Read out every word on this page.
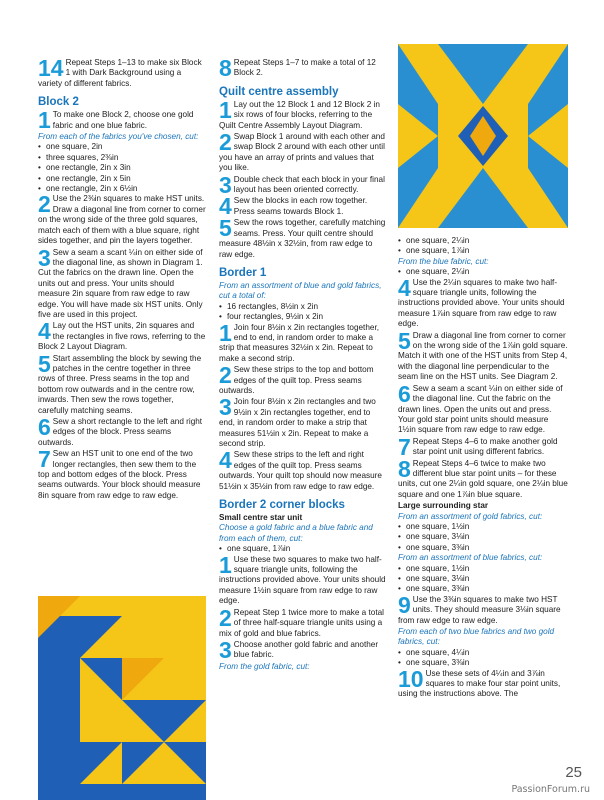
14 Repeat Steps 1–13 to make six Block 1 with Dark Background using a variety of different fabrics.
Block 2
1 To make one Block 2, choose one gold fabric and one blue fabric.
From each of the fabrics you've chosen, cut:
• one square, 2in
• three squares, 2⅜in
• one rectangle, 2in x 3in
• one rectangle, 2in x 5in
• one rectangle, 2in x 6½in
2 Use the 2⅜in squares to make HST units. Draw a diagonal line from corner to corner on the wrong side of the three gold squares, match each of them with a blue square, right sides together, and pin the layers together.
3 Sew a seam a scant ¼in on either side of the diagonal line, as shown in Diagram 1. Cut the fabrics on the drawn line. Open the units out and press. Your units should measure 2in square from raw edge to raw edge. You will have made six HST units. Only five are used in this project.
4 Lay out the HST units, 2in squares and the rectangles in five rows, referring to the Block 2 Layout Diagram.
5 Start assembling the block by sewing the patches in the centre together in three rows of three. Press seams in the top and bottom row outwards and in the centre row, inwards. Then sew the rows together, carefully matching seams.
6 Sew a short rectangle to the left and right edges of the block. Press seams outwards.
7 Sew an HST unit to one end of the two longer rectangles, then sew them to the top and bottom edges of the block. Press seams outwards. Your block should measure 8in square from raw edge to raw edge.
8 Repeat Steps 1–7 to make a total of 12 Block 2.
Quilt centre assembly
1 Lay out the 12 Block 1 and 12 Block 2 in six rows of four blocks, referring to the Quilt Centre Assembly Layout Diagram.
2 Swap Block 1 around with each other and swap Block 2 around with each other until you have an array of prints and values that you like.
3 Double check that each block in your final layout has been oriented correctly.
4 Sew the blocks in each row together. Press seams towards Block 1.
5 Sew the rows together, carefully matching seams. Press. Your quilt centre should measure 48½in x 32½in, from raw edge to raw edge.
Border 1
From an assortment of blue and gold fabrics, cut a total of:
• 16 rectangles, 8½in x 2in
• four rectangles, 9½in x 2in
1 Join four 8½in x 2in rectangles together, end to end, in random order to make a strip that measures 32½in x 2in. Repeat to make a second strip.
2 Sew these strips to the top and bottom edges of the quilt top. Press seams outwards.
3 Join four 8½in x 2in rectangles and two 9½in x 2in rectangles together, end to end, in random order to make a strip that measures 51½in x 2in. Repeat to make a second strip.
4 Sew these strips to the left and right edges of the quilt top. Press seams outwards. Your quilt top should now measure 51½in x 35½in from raw edge to raw edge.
Border 2 corner blocks
Small centre star unit
Choose a gold fabric and a blue fabric and from each of them, cut:
• one square, 1⅞in
1 Use these two squares to make two half-square triangle units, following the instructions provided above. Your units should measure 1½in square from raw edge to raw edge.
2 Repeat Step 1 twice more to make a total of three half-square triangle units using a mix of gold and blue fabrics.
3 Choose another gold fabric and another blue fabric.
From the gold fabric, cut:
• one square, 2¼in
• one square, 1⅞in
From the blue fabric, cut:
• one square, 2¼in
4 Use the 2¼in squares to make two half-square triangle units, following the instructions provided above. Your units should measure 1⅞in square from raw edge to raw edge.
5 Draw a diagonal line from corner to corner on the wrong side of the 1⅞in gold square. Match it with one of the HST units from Step 4, with the diagonal line perpendicular to the seam line on the HST units. See Diagram 2.
6 Sew a seam a scant ¼in on either side of the diagonal line. Cut the fabric on the drawn lines. Open the units out and press. Your gold star point units should measure 1½in square from raw edge to raw edge.
7 Repeat Steps 4–6 to make another gold star point unit using different fabrics.
8 Repeat Steps 4–6 twice to make two different blue star point units – for these units, cut one 2¼in gold square, one 2¼in blue square and one 1⅞in blue square.
Large surrounding star
From an assortment of gold fabrics, cut:
• one square, 1½in
• one square, 3⅛in
• one square, 3⅜in
From an assortment of blue fabrics, cut:
• one square, 1½in
• one square, 3⅛in
• one square, 3⅜in
9 Use the 3⅜in squares to make two HST units. They should measure 3⅛in square from raw edge to raw edge.
From each of two blue fabrics and two gold fabrics, cut:
• one square, 4¼in
• one square, 3⅜in
10 Use these sets of 4¼in and 3⅞in squares to make four star point units, using the instructions above. The
25
PassionForum.ru
